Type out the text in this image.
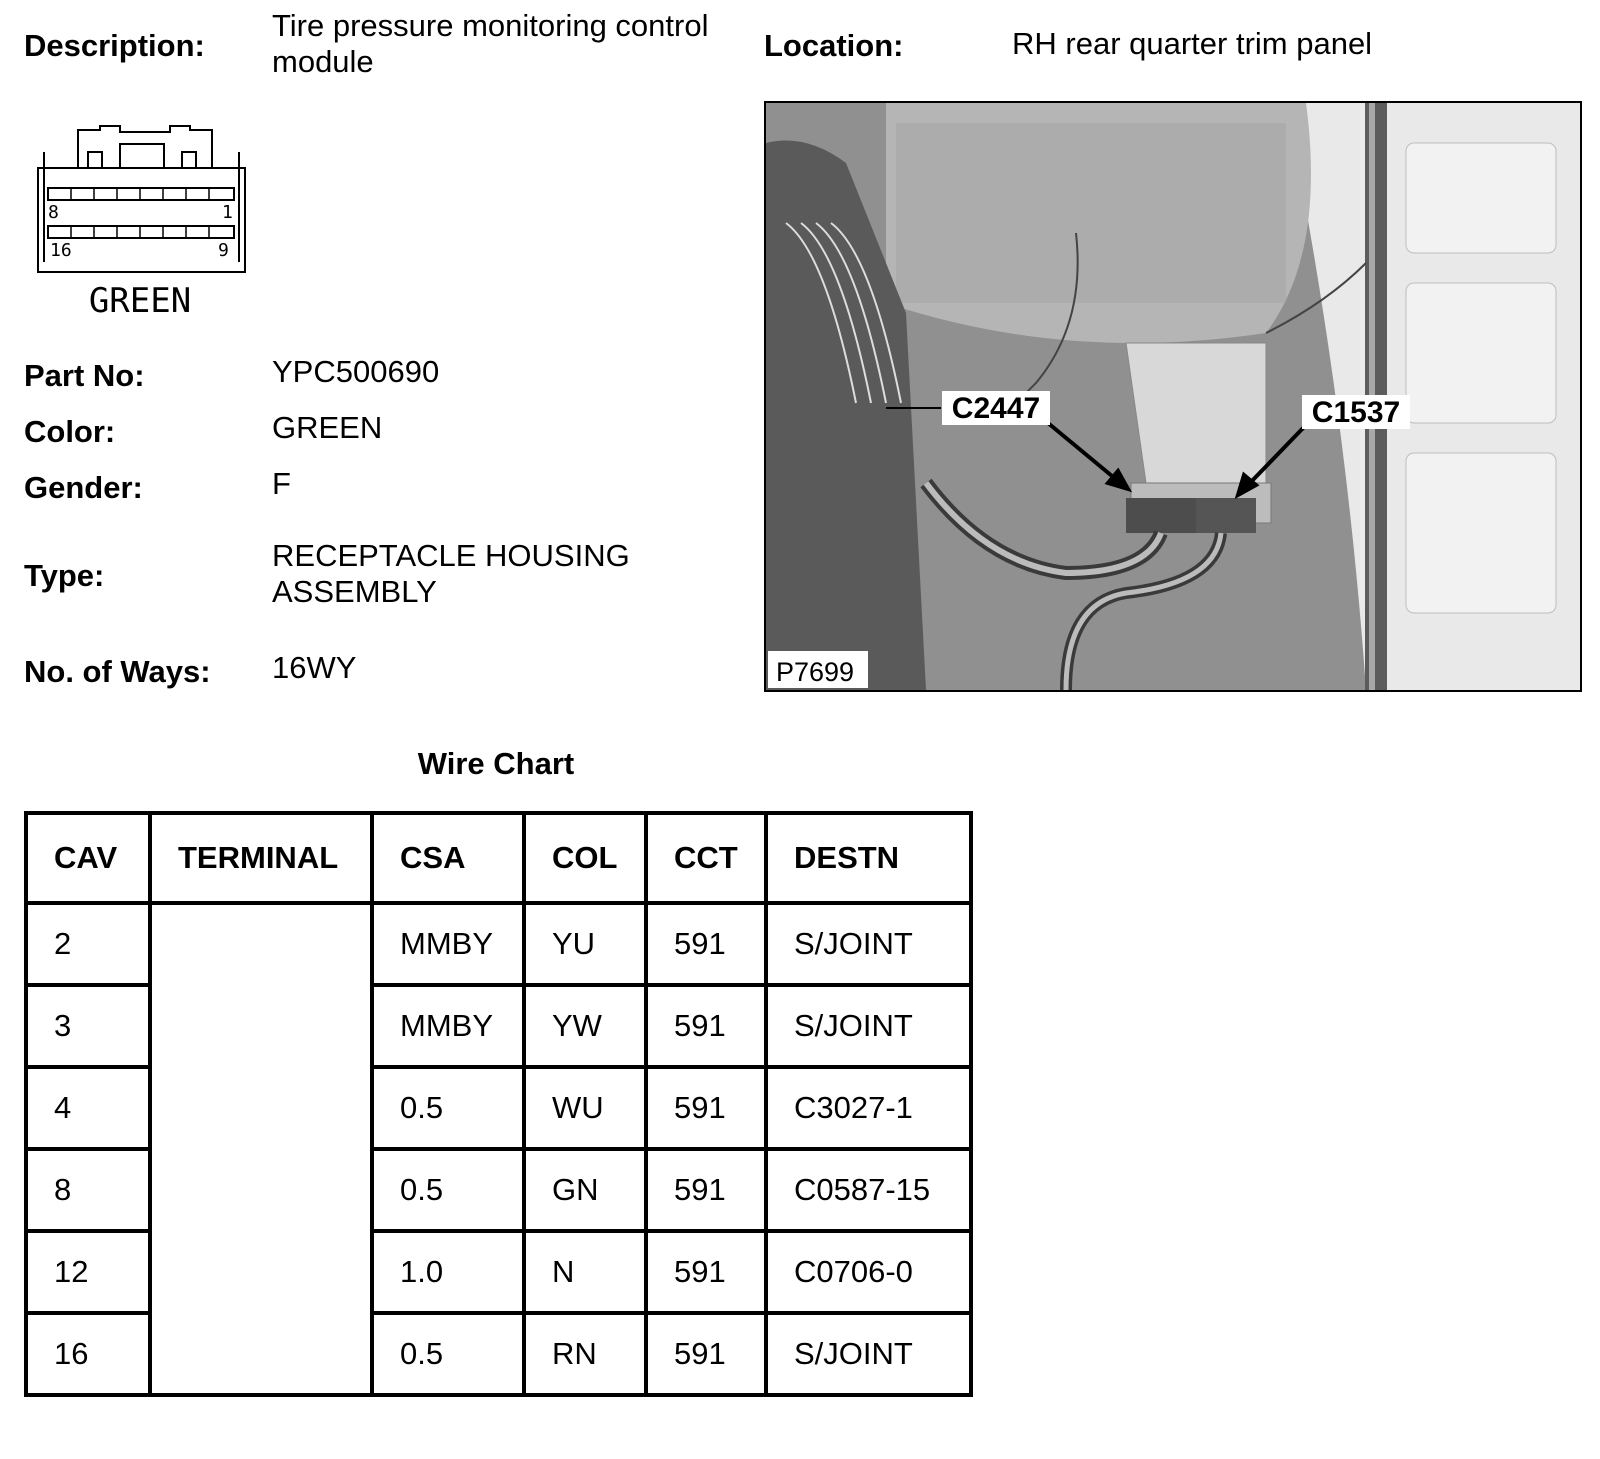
Description:
Tire pressure monitoring control
module	Location:	RH rear quarter trim panel
8	1
16	9
GREEN
Part No:	YPC500690
Color:	GREEN
Gender:	F
Type:
RECEPTACLE HOUSING
ASSEMBLY
No. of Ways: 16WY
C2447	C1537
P7699
Wire Chart
CAV	TERMINAL	CSA	COL	CCT	DESTN
2		MMBY	YU	591	S/JOINT
3		MMBY	YW	591	S/JOINT
4		0.5	WU	591	C3027-1
8		0.5	GN	591	C0587-15
12		1.0	N	591	C0706-0
16		0.5	RN	591	S/JOINT
